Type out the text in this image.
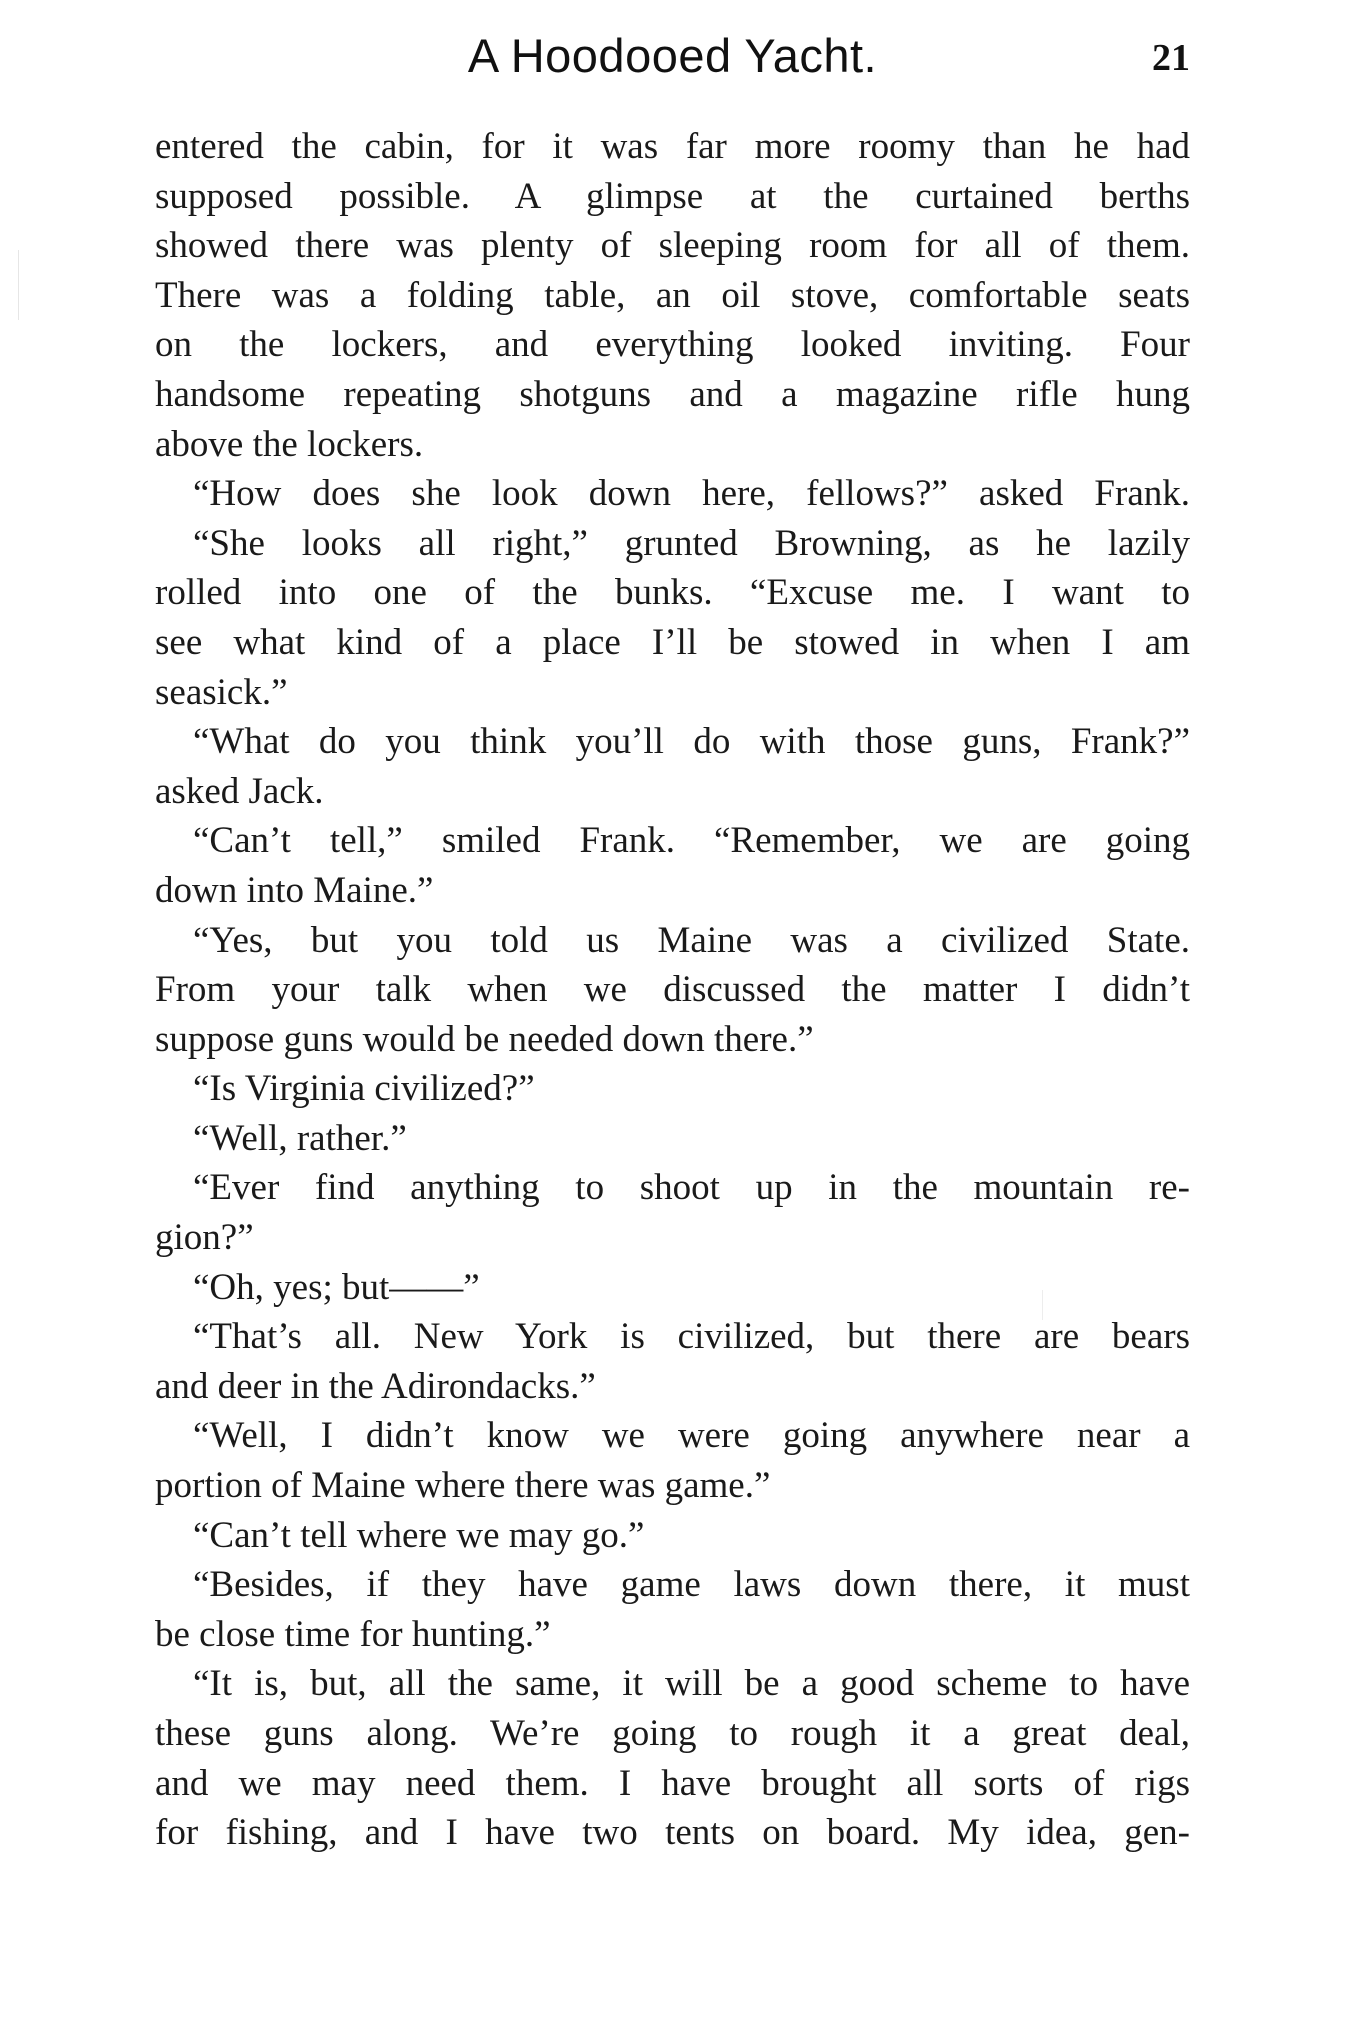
A Hoodooed Yacht.	21
entered the cabin, for it was far more roomy than he had
supposed possible. A glimpse at the curtained berths
showed there was plenty of sleeping room for all of them.
There was a folding table, an oil stove, comfortable seats
on the lockers, and everything looked inviting. Four
handsome repeating shotguns and a magazine rifle hung
above the lockers.
“How does she look down here, fellows?” asked Frank.
“She looks all right,” grunted Browning, as he lazily
rolled into one of the bunks. “Excuse me. I want to
see what kind of a place I’ll be stowed in when I am
seasick.”
“What do you think you’ll do with those guns, Frank?”
asked Jack.
“Can’t tell,” smiled Frank. “Remember, we are going
down into Maine.”
“Yes, but you told us Maine was a civilized State.
From your talk when we discussed the matter I didn’t
suppose guns would be needed down there.”
“Is Virginia civilized?”
“Well, rather.”
“Ever find anything to shoot up in the mountain re-
gion?”
“Oh, yes; but——”
“That’s all. New York is civilized, but there are bears
and deer in the Adirondacks.”
“Well, I didn’t know we were going anywhere near a
portion of Maine where there was game.”
“Can’t tell where we may go.”
“Besides, if they have game laws down there, it must
be close time for hunting.”
“It is, but, all the same, it will be a good scheme to have
these guns along. We’re going to rough it a great deal,
and we may need them. I have brought all sorts of rigs
for fishing, and I have two tents on board. My idea, gen-
